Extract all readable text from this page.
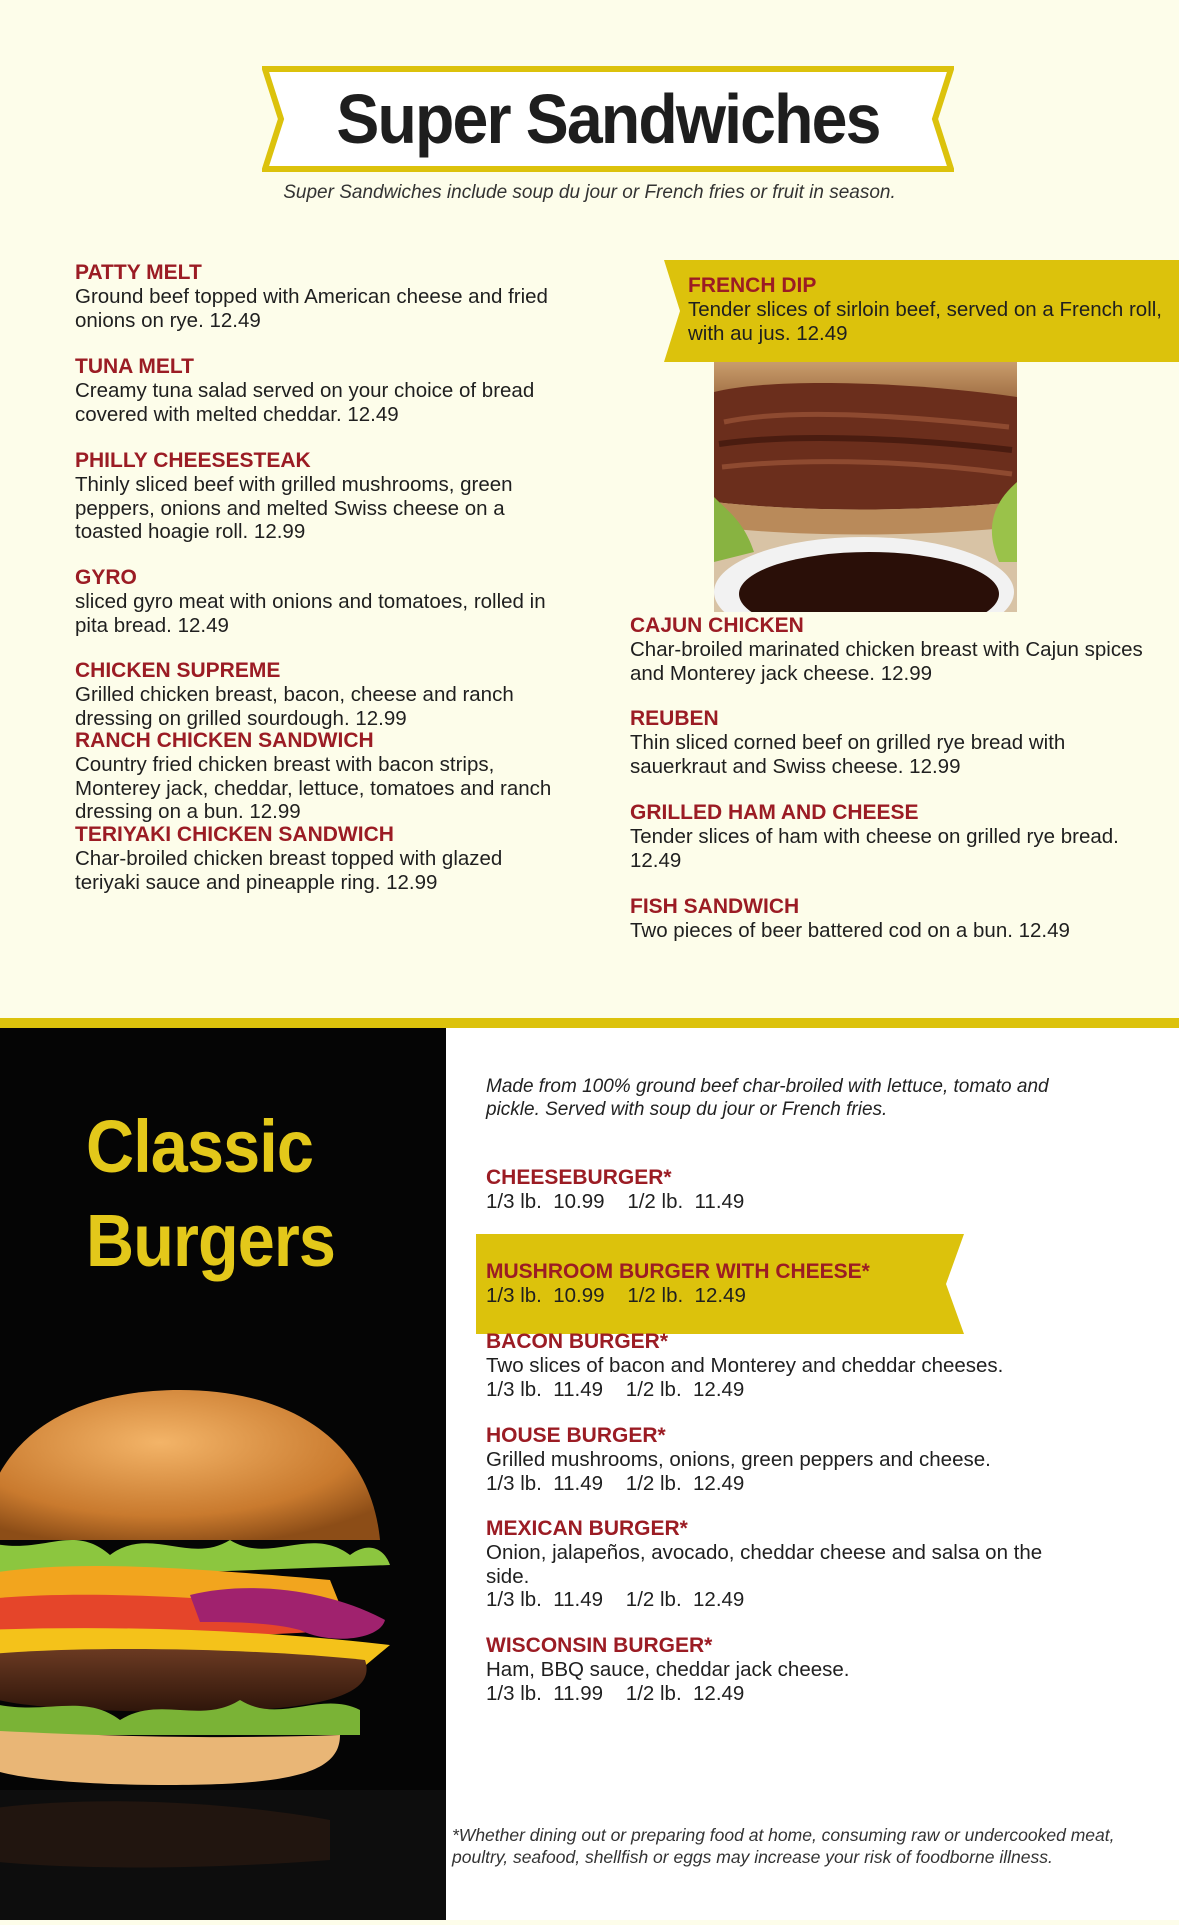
Super Sandwiches
Super Sandwiches include soup du jour or French fries or fruit in season.
PATTY MELT
Ground beef topped with American cheese and fried onions on rye. 12.49
TUNA MELT
Creamy tuna salad served on your choice of bread covered with melted cheddar. 12.49
PHILLY CHEESESTEAK
Thinly sliced beef with grilled mushrooms, green peppers, onions and melted Swiss cheese on a toasted hoagie roll. 12.99
GYRO
sliced gyro meat with onions and tomatoes, rolled in pita bread. 12.49
CHICKEN SUPREME
Grilled chicken breast, bacon, cheese and ranch dressing on grilled sourdough. 12.99
RANCH CHICKEN SANDWICH
Country fried chicken breast with bacon strips, Monterey jack, cheddar, lettuce, tomatoes and ranch dressing on a bun. 12.99
TERIYAKI CHICKEN SANDWICH
Char-broiled chicken breast topped with glazed teriyaki sauce and pineapple ring. 12.99
FRENCH DIP
Tender slices of sirloin beef, served on a French roll, with au jus. 12.49
CAJUN CHICKEN
Char-broiled marinated chicken breast with Cajun spices and Monterey jack cheese. 12.99
REUBEN
Thin sliced corned beef on grilled rye bread with sauerkraut and Swiss cheese. 12.99
GRILLED HAM AND CHEESE
Tender slices of ham with cheese on grilled rye bread. 12.49
FISH SANDWICH
Two pieces of beer battered cod on a bun. 12.49
Classic
Burgers
Made from 100% ground beef char-broiled with lettuce, tomato and pickle. Served with soup du jour or French fries.
CHEESEBURGER*
1/3 lb.  10.99    1/2 lb.  11.49
MUSHROOM BURGER WITH CHEESE*
1/3 lb.  10.99    1/2 lb.  12.49
BACON BURGER*
Two slices of bacon and Monterey and cheddar cheeses.
1/3 lb.  11.49    1/2 lb.  12.49
HOUSE BURGER*
Grilled mushrooms, onions, green peppers and cheese.
1/3 lb.  11.49    1/2 lb.  12.49
MEXICAN BURGER*
Onion, jalapeños, avocado, cheddar cheese and salsa on the side.
1/3 lb.  11.49    1/2 lb.  12.49
WISCONSIN BURGER*
Ham, BBQ sauce, cheddar jack cheese.
1/3 lb.  11.99    1/2 lb.  12.49
*Whether dining out or preparing food at home, consuming raw or undercooked meat, poultry, seafood, shellfish or eggs may increase your risk of foodborne illness.
